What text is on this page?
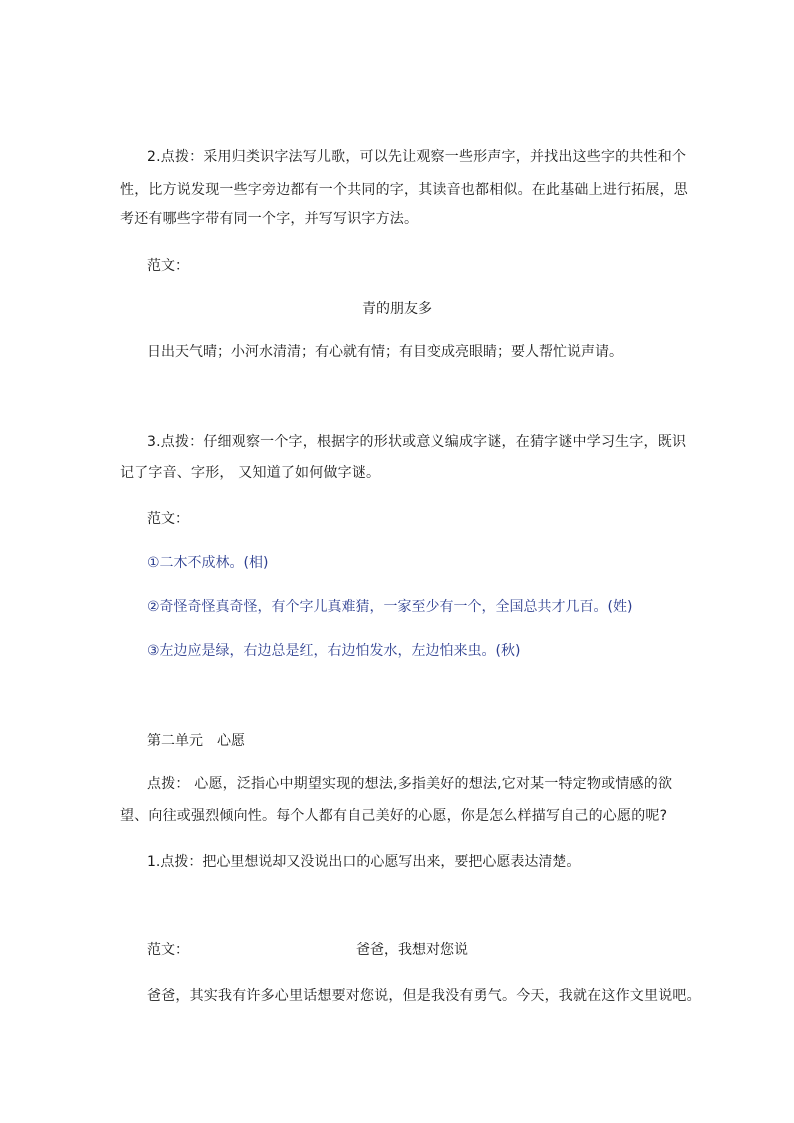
2.点拨：采用归类识字法写儿歌，可以先让观察一些形声字，并找出这些字的共性和个
性，比方说发现一些字旁边都有一个共同的字，其读音也都相似。在此基础上进行拓展，思
考还有哪些字带有同一个字，并写写识字方法。
范文：
青的朋友多
日出天气晴；小河水清清；有心就有情；有目变成亮眼睛；要人帮忙说声请。
3.点拨：仔细观察一个字，根据字的形状或意义编成字谜，在猜字谜中学习生字，既识
记了字音、字形， 又知道了如何做字谜。
范文：
①二木不成林。(相)
②奇怪奇怪真奇怪，有个字儿真难猜，一家至少有一个，全国总共才几百。(姓)
③左边应是绿，右边总是红，右边怕发水，左边怕来虫。(秋)
第二单元　心愿
点拨： 心愿，泛指心中期望实现的想法,多指美好的想法,它对某一特定物或情感的欲
望、向往或强烈倾向性。每个人都有自己美好的心愿，你是怎么样描写自己的心愿的呢?
1.点拨：把心里想说却又没说出口的心愿写出来，要把心愿表达清楚。
范文：	爸爸，我想对您说
爸爸，其实我有许多心里话想要对您说，但是我没有勇气。今天，我就在这作文里说吧。
